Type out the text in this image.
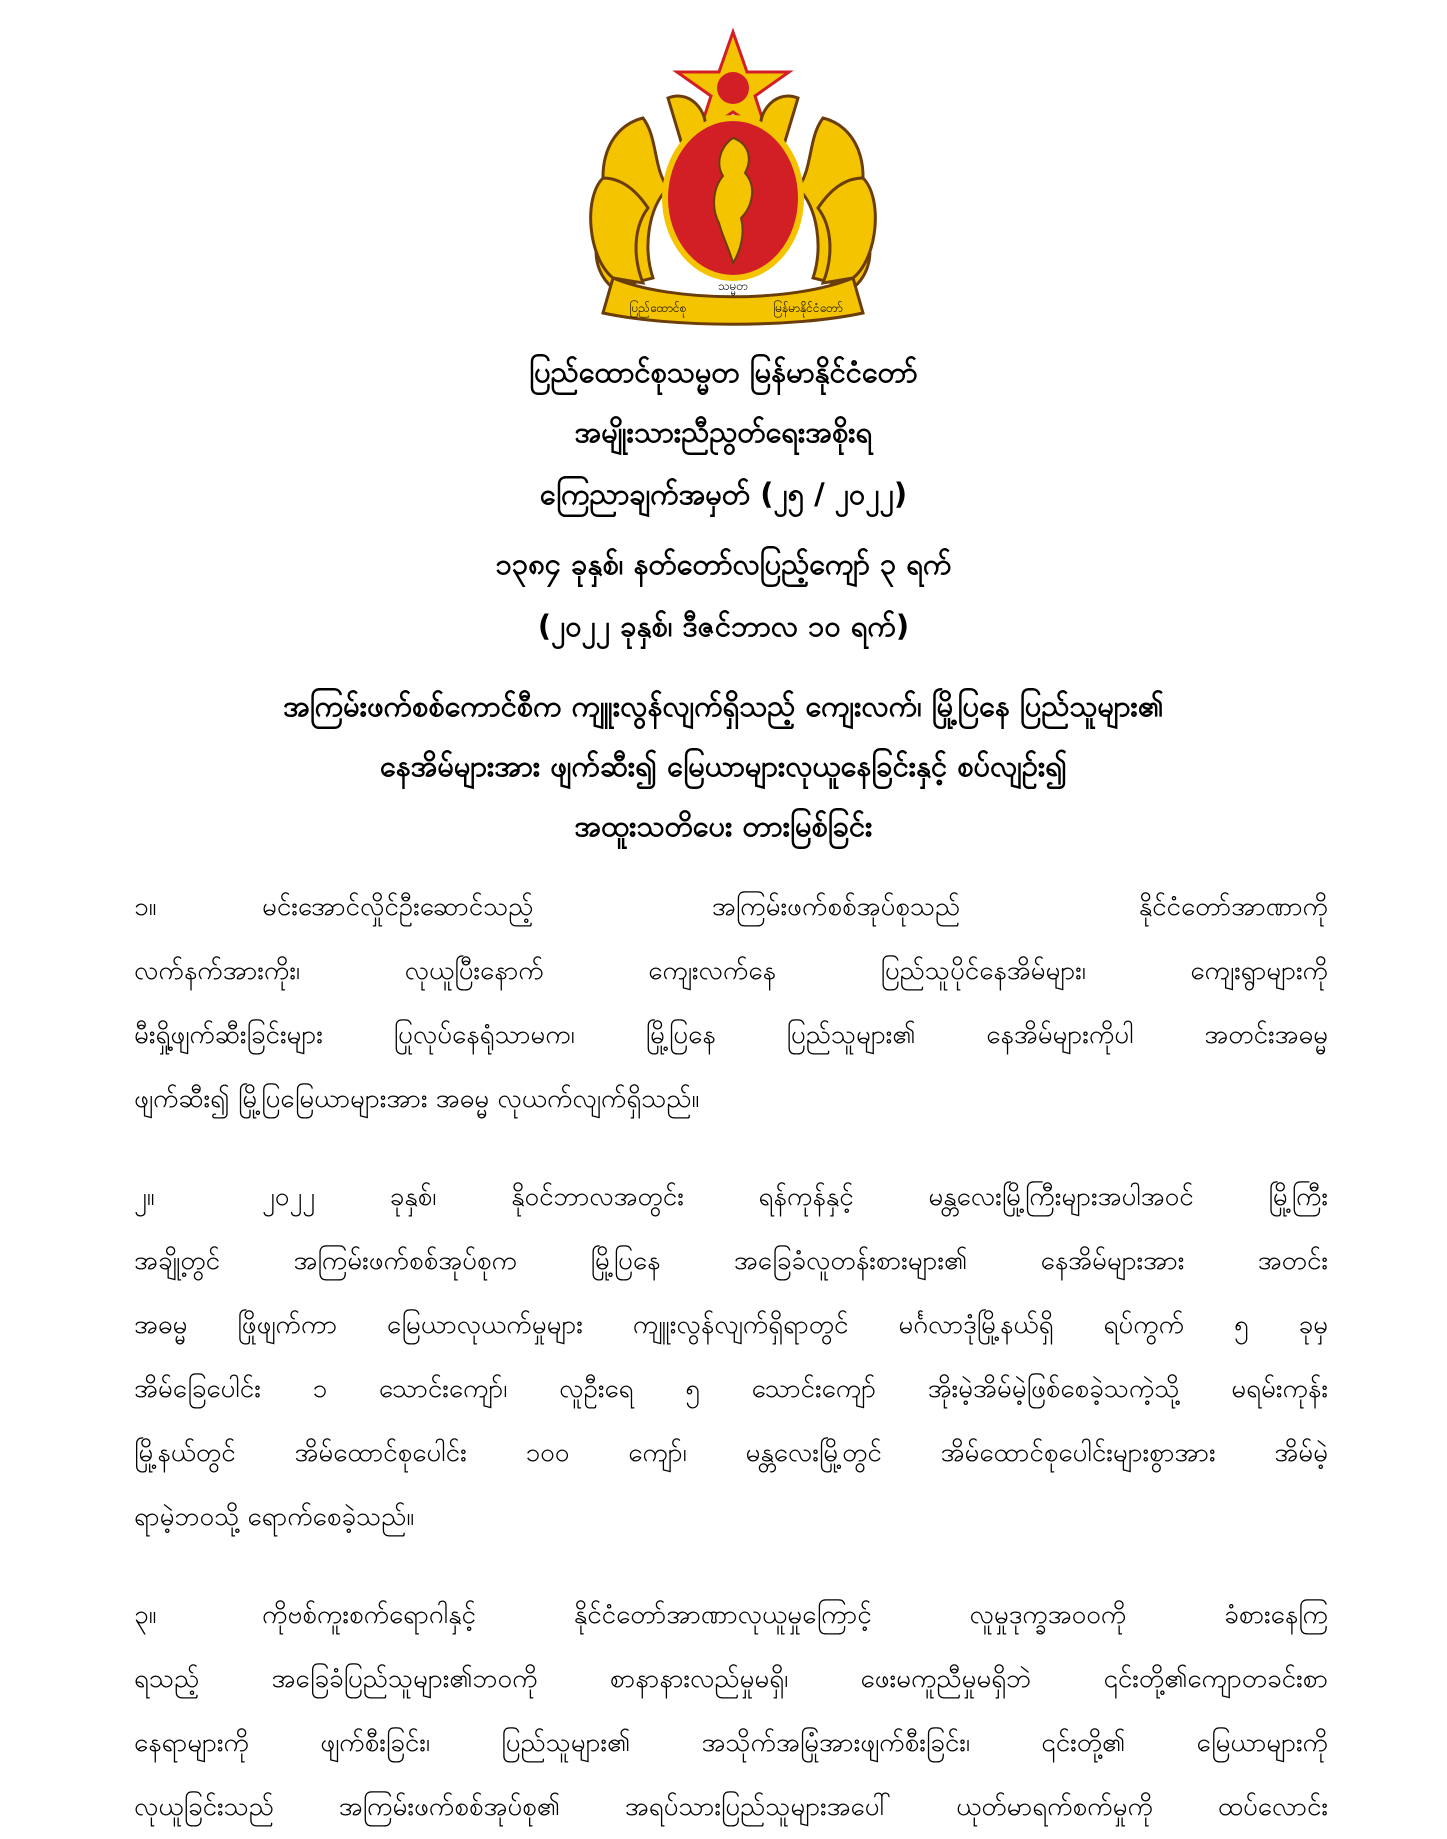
သမ္မတ
ပြည်ထောင်စု	မြန်မာနိုင်ငံတော်
ပြည်ထောင်စုသမ္မတ မြန်မာနိုင်ငံတော်
အမျိုးသားညီညွတ်ရေးအစိုးရ
ကြေညာချက်အမှတ် (၂၅ / ၂၀၂၂)
၁၃၈၄ ခုနှစ်၊ နတ်တော်လပြည့်ကျော် ၃ ရက်
(၂၀၂၂ ခုနှစ်၊ ဒီဇင်ဘာလ ၁၀ ရက်)
အကြမ်းဖက်စစ်ကောင်စီက ကျူးလွန်လျက်ရှိသည့် ကျေးလက်၊ မြို့ပြနေ ပြည်သူများ၏
နေအိမ်များအား ဖျက်ဆီး၍ မြေယာများလုယူနေခြင်းနှင့် စပ်လျဉ်း၍
အထူးသတိပေး တားမြစ်ခြင်း
၁။	မင်းအောင်လှိုင်ဦးဆောင်သည့် အကြမ်းဖက်စစ်အုပ်စုသည် နိုင်ငံတော်အာဏာကို
လက်နက်အားကိုး၊ လုယူပြီးနောက် ကျေးလက်နေ ပြည်သူပိုင်နေအိမ်များ၊ ကျေးရွာများကို
မီးရှို့ဖျက်ဆီးခြင်းများ ပြုလုပ်နေရုံသာမက၊ မြို့ပြနေ ပြည်သူများ၏ နေအိမ်များကိုပါ အတင်းအဓမ္မ
ဖျက်ဆီး၍ မြို့ပြမြေယာများအား အဓမ္မ လုယက်လျက်ရှိသည်။
၂။	၂၀၂၂ ခုနှစ်၊ နိုဝင်ဘာလအတွင်း ရန်ကုန်နှင့် မန္တလေးမြို့ကြီးများအပါအဝင် မြို့ကြီး
အချို့တွင် အကြမ်းဖက်စစ်အုပ်စုက မြို့ပြနေ အခြေခံလူတန်းစားများ၏ နေအိမ်များအား အတင်း
အဓမ္မ ဖြိုဖျက်ကာ မြေယာလုယက်မှုများ ကျူးလွန်လျက်ရှိရာတွင် မင်္ဂလာဒုံမြို့နယ်ရှိ ရပ်ကွက် ၅ ခုမှ
အိမ်ခြေပေါင်း ၁ သောင်းကျော်၊ လူဦးရေ ၅ သောင်းကျော် အိုးမဲ့အိမ်မဲ့ဖြစ်စေခဲ့သကဲ့သို့ မရမ်းကုန်း
မြို့နယ်တွင် အိမ်ထောင်စုပေါင်း ၁၀၀ ကျော်၊ မန္တလေးမြို့တွင် အိမ်ထောင်စုပေါင်းများစွာအား အိမ်မဲ့
ရာမဲ့ဘဝသို့ ရောက်စေခဲ့သည်။
၃။	ကိုဗစ်ကူးစက်ရောဂါနှင့် နိုင်ငံတော်အာဏာလုယူမှုကြောင့် လူမှုဒုက္ခအဝဝကို ခံစားနေကြ
ရသည့် အခြေခံပြည်သူများ၏ဘဝကို စာနာနားလည်မှုမရှိ၊ ဖေးမကူညီမှုမရှိဘဲ ၎င်းတို့၏ကျောတခင်းစာ
နေရာများကို ဖျက်စီးခြင်း၊ ပြည်သူများ၏ အသိုက်အမြုံအားဖျက်စီးခြင်း၊ ၎င်းတို့၏ မြေယာများကို
လုယူခြင်းသည် အကြမ်းဖက်စစ်အုပ်စု၏ အရပ်သားပြည်သူများအပေါ် ယုတ်မာရက်စက်မှုကို ထပ်လောင်း
